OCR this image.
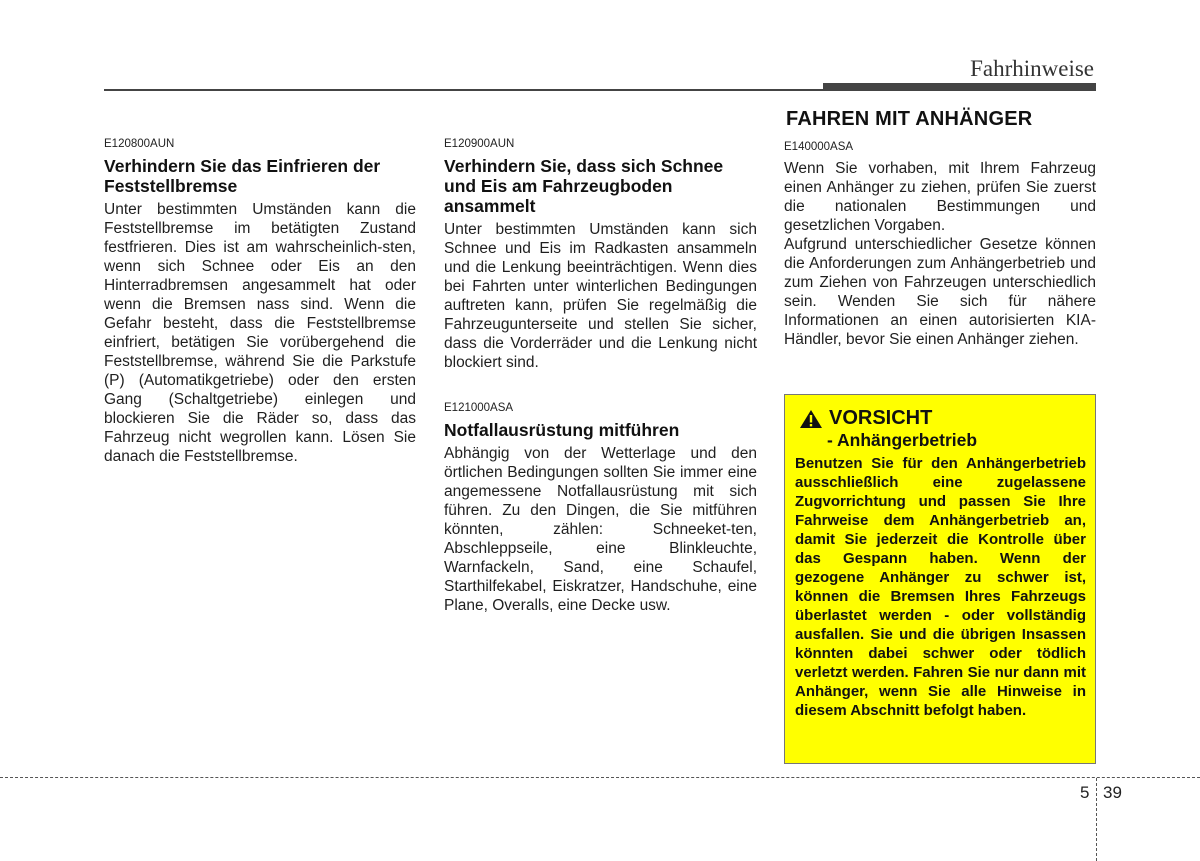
Fahrhinweise

E120800AUN

Verhindern Sie das Einfrieren der Feststellbremse

Unter bestimmten Umständen kann die Feststellbremse im betätigten Zustand festfrieren. Dies ist am wahrscheinlich-sten, wenn sich Schnee oder Eis an den Hinterradbremsen angesammelt hat oder wenn die Bremsen nass sind. Wenn die Gefahr besteht, dass die Feststellbremse einfriert, betätigen Sie vorübergehend die Feststellbremse, während Sie die Parkstufe (P) (Automatikgetriebe) oder den ersten Gang (Schaltgetriebe) einlegen und blockieren Sie die Räder so, dass das Fahrzeug nicht wegrollen kann. Lösen Sie danach die Feststellbremse.

E120900AUN

Verhindern Sie, dass sich Schnee und Eis am Fahrzeugboden ansammelt

Unter bestimmten Umständen kann sich Schnee und Eis im Radkasten ansammeln und die Lenkung beeinträchtigen. Wenn dies bei Fahrten unter winterlichen Bedingungen auftreten kann, prüfen Sie regelmäßig die Fahrzeugunterseite und stellen Sie sicher, dass die Vorderräder und die Lenkung nicht blockiert sind.

E121000ASA

Notfallausrüstung mitführen

Abhängig von der Wetterlage und den örtlichen Bedingungen sollten Sie immer eine angemessene Notfallausrüstung mit sich führen. Zu den Dingen, die Sie mitführen könnten, zählen: Schneeket-ten, Abschleppseile, eine Blinkleuchte, Warnfackeln, Sand, eine Schaufel, Starthilfekabel, Eiskratzer, Handschuhe, eine Plane, Overalls, eine Decke usw.

FAHREN MIT ANHÄNGER

E140000ASA

Wenn Sie vorhaben, mit Ihrem Fahrzeug einen Anhänger zu ziehen, prüfen Sie zuerst die nationalen Bestimmungen und gesetzlichen Vorgaben.

Aufgrund unterschiedlicher Gesetze können die Anforderungen zum Anhängerbetrieb und zum Ziehen von Fahrzeugen unterschiedlich sein. Wenden Sie sich für nähere Informationen an einen autorisierten KIA-Händler, bevor Sie einen Anhänger ziehen.

VORSICHT
- Anhängerbetrieb

Benutzen Sie für den Anhängerbetrieb ausschließlich eine zugelassene Zugvorrichtung und passen Sie Ihre Fahrweise dem Anhängerbetrieb an, damit Sie jederzeit die Kontrolle über das Gespann haben. Wenn der gezogene Anhänger zu schwer ist, können die Bremsen Ihres Fahrzeugs überlastet werden - oder vollständig ausfallen. Sie und die übrigen Insassen könnten dabei schwer oder tödlich verletzt werden. Fahren Sie nur dann mit Anhänger, wenn Sie alle Hinweise in diesem Abschnitt befolgt haben.

5 39
